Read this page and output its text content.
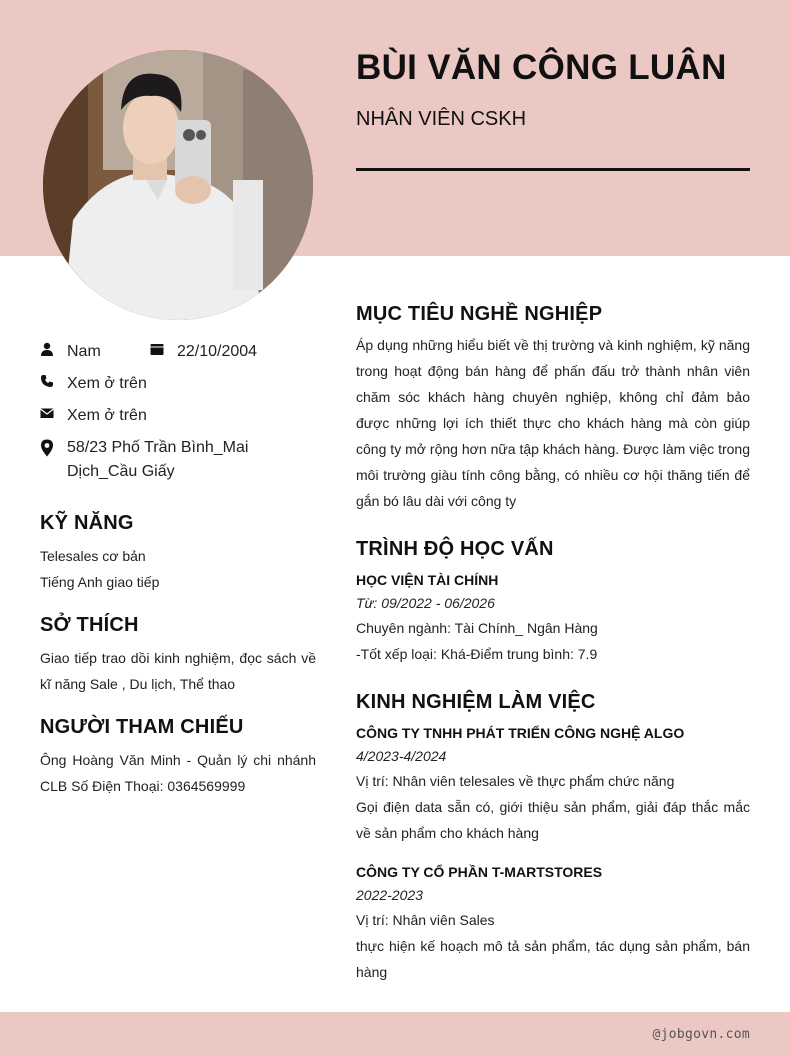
BÙI VĂN CÔNG LUÂN
NHÂN VIÊN CSKH
Nam	22/10/2004
Xem ở trên
Xem ở trên
58/23 Phố Trần Bình_Mai
Dịch_Cầu Giấy
KỸ NĂNG
Telesales cơ bản
Tiếng Anh giao tiếp
SỞ THÍCH
Giao tiếp trao dồi kinh nghiệm, đọc sách về kĩ năng Sale , Du lịch, Thể thao
NGƯỜI THAM CHIẾU
Ông Hoàng Văn Minh - Quản lý chi nhánh CLB Số Điện Thoại: 0364569999
MỤC TIÊU NGHỀ NGHIỆP
Áp dụng những hiểu biết về thị trường và kinh nghiệm, kỹ năng trong hoạt động bán hàng để phấn đấu trở thành nhân viên chăm sóc khách hàng chuyên nghiệp, không chỉ đảm bảo được những lợi ích thiết thực cho khách hàng mà còn giúp công ty mở rộng hơn nữa tập khách hàng. Được làm việc trong môi trường giàu tính công bằng, có nhiều cơ hội thăng tiến để gắn bó lâu dài với công ty
TRÌNH ĐỘ HỌC VẤN
HỌC VIỆN TÀI CHÍNH
Từ: 09/2022 - 06/2026
Chuyên ngành: Tài Chính_ Ngân Hàng
-Tốt xếp loại: Khá-Điểm trung bình: 7.9
KINH NGHIỆM LÀM VIỆC
CÔNG TY TNHH PHÁT TRIỂN CÔNG NGHỆ ALGO
4/2023-4/2024
Vị trí: Nhân viên telesales về thực phẩm chức năng
Gọi điện data sẵn có, giới thiệu sản phẩm, giải đáp thắc mắc về sản phẩm cho khách hàng
CÔNG TY CỔ PHẦN T-MARTSTORES
2022-2023
Vị trí: Nhân viên Sales
thực hiện kế hoạch mô tả sản phẩm, tác dụng sản phẩm, bán hàng
@jobgovn.com
